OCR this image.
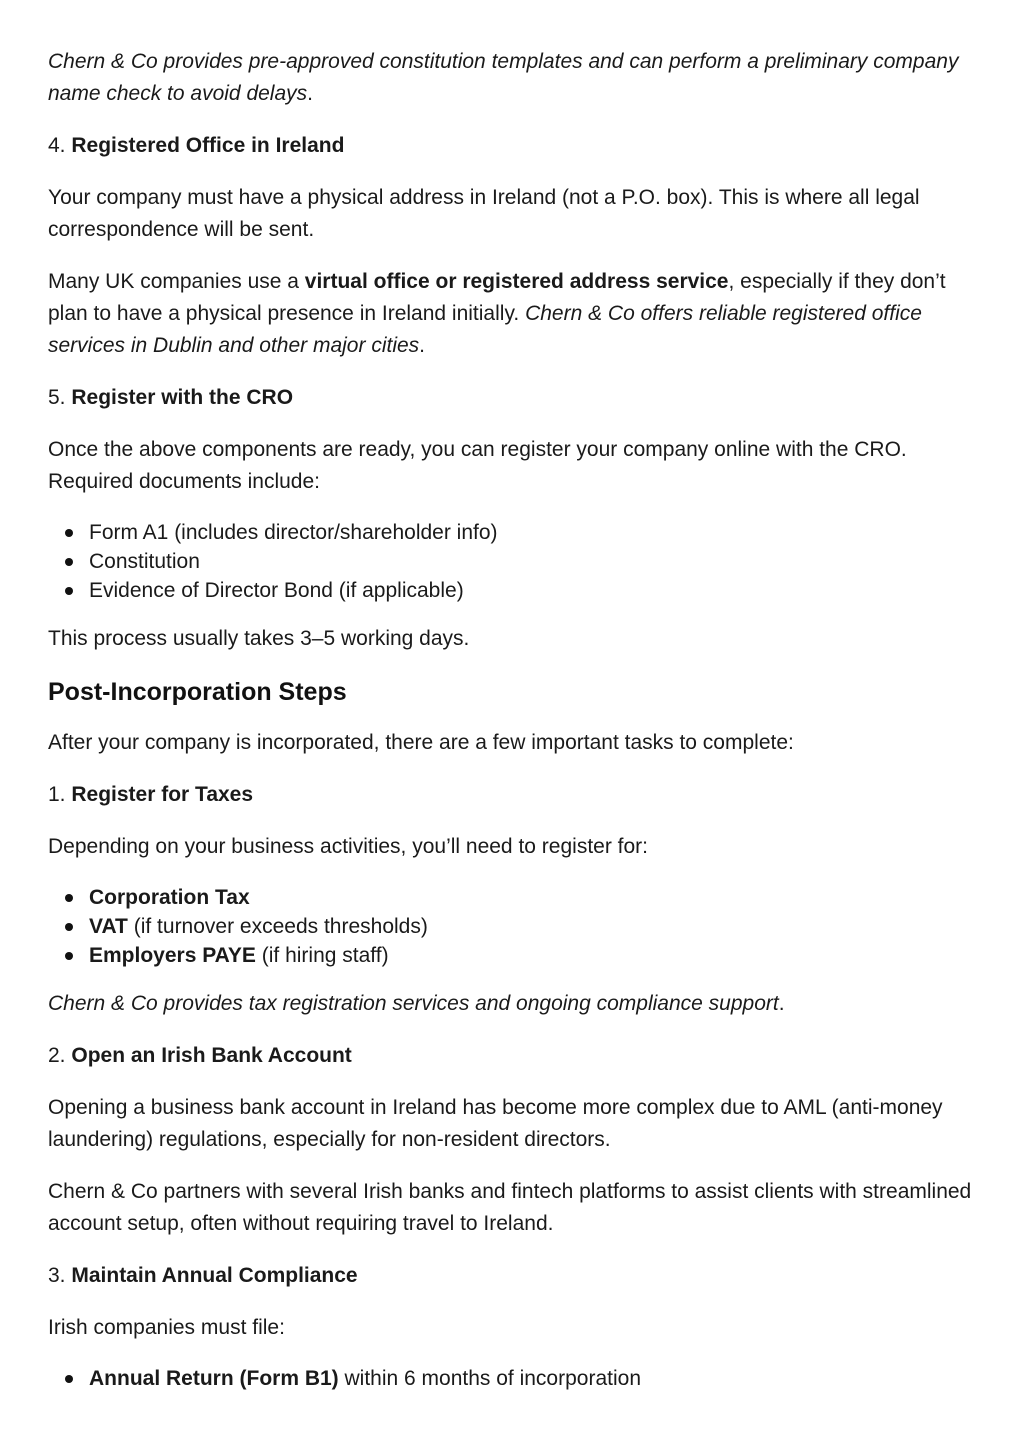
Chern & Co provides pre-approved constitution templates and can perform a preliminary company name check to avoid delays.

4. Registered Office in Ireland

Your company must have a physical address in Ireland (not a P.O. box). This is where all legal correspondence will be sent.

Many UK companies use a virtual office or registered address service, especially if they don’t plan to have a physical presence in Ireland initially. Chern & Co offers reliable registered office services in Dublin and other major cities.

5. Register with the CRO

Once the above components are ready, you can register your company online with the CRO. Required documents include:

Form A1 (includes director/shareholder info)
Constitution
Evidence of Director Bond (if applicable)

This process usually takes 3–5 working days.

Post-Incorporation Steps

After your company is incorporated, there are a few important tasks to complete:

1. Register for Taxes

Depending on your business activities, you’ll need to register for:

Corporation Tax
VAT (if turnover exceeds thresholds)
Employers PAYE (if hiring staff)

Chern & Co provides tax registration services and ongoing compliance support.

2. Open an Irish Bank Account

Opening a business bank account in Ireland has become more complex due to AML (anti-money laundering) regulations, especially for non-resident directors.

Chern & Co partners with several Irish banks and fintech platforms to assist clients with streamlined account setup, often without requiring travel to Ireland.

3. Maintain Annual Compliance

Irish companies must file:

Annual Return (Form B1) within 6 months of incorporation
